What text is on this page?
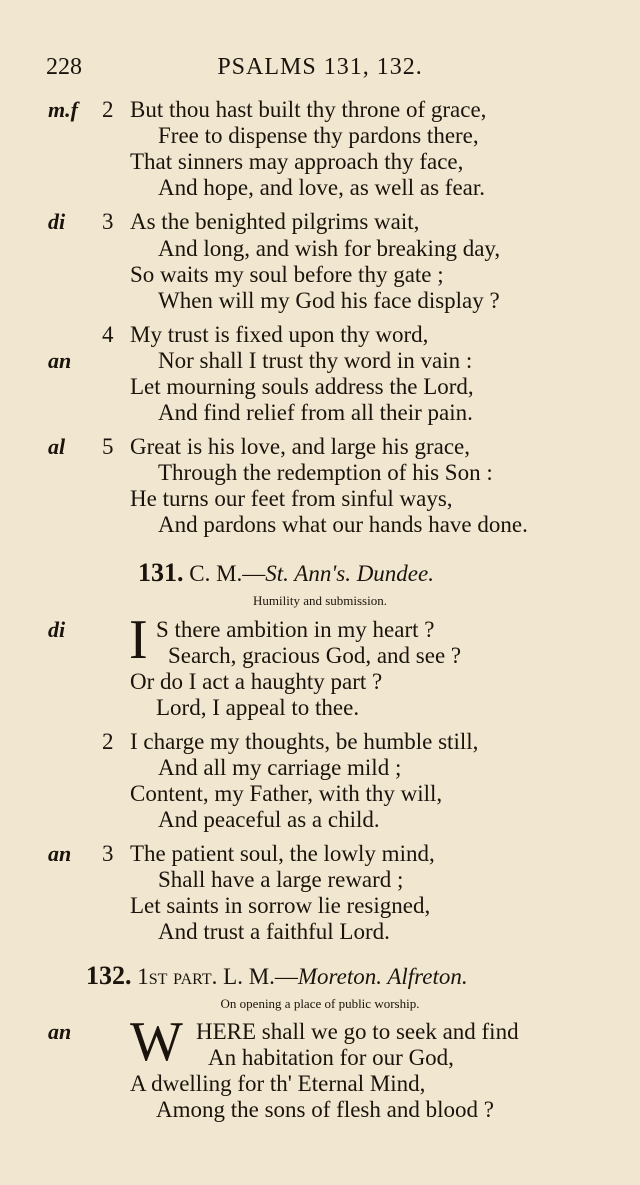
228	PSALMS 131, 132.
m.f 2 But thou hast built thy throne of grace,
Free to dispense thy pardons there,
That sinners may approach thy face,
And hope, and love, as well as fear.
di 3 As the benighted pilgrims wait,
And long, and wish for breaking day,
So waits my soul before thy gate ;
When will my God his face display ?
4 My trust is fixed upon thy word,
an	Nor shall I trust thy word in vain :
Let mourning souls address the Lord,
And find relief from all their pain.
al 5 Great is his love, and large his grace,
Through the redemption of his Son :
He turns our feet from sinful ways,
And pardons what our hands have done.
131. C. M.—St. Ann's. Dundee.
Humility and submission.
di I S there ambition in my heart ?
Search, gracious God, and see ?
Or do I act a haughty part ?
Lord, I appeal to thee.
2 I charge my thoughts, be humble still,
And all my carriage mild ;
Content, my Father, with thy will,
And peaceful as a child.
an 3 The patient soul, the lowly mind,
Shall have a large reward ;
Let saints in sorrow lie resigned,
And trust a faithful Lord.
132. 1st part. L. M.—Moreton. Alfreton.
On opening a place of public worship.
an W HERE shall we go to seek and find
An habitation for our God,
A dwelling for th' Eternal Mind,
Among the sons of flesh and blood ?
